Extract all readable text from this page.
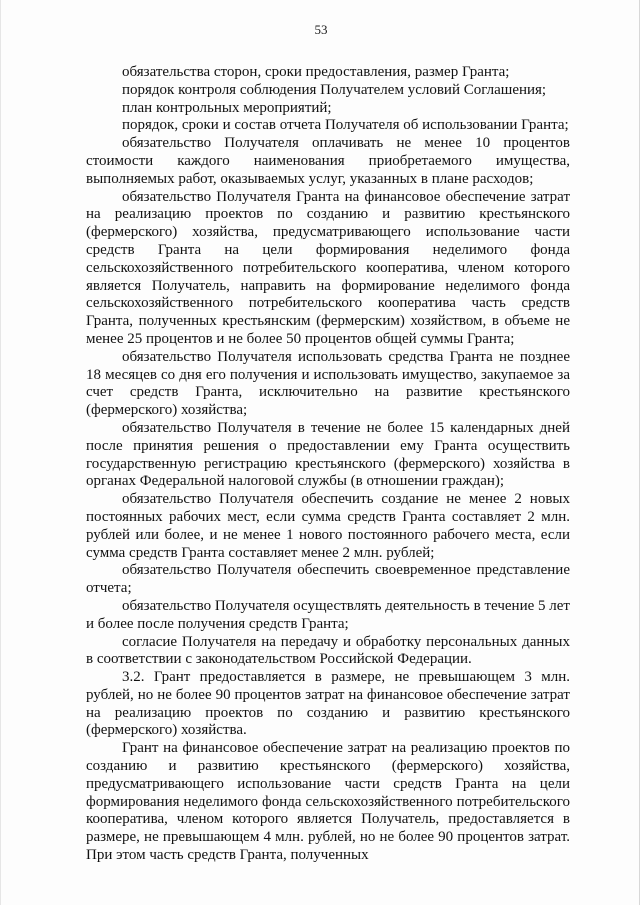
53

обязательства сторон, сроки предоставления, размер Гранта;

порядок контроля соблюдения Получателем условий Соглашения;

план контрольных мероприятий;

порядок, сроки и состав отчета Получателя об использовании Гранта;

обязательство Получателя оплачивать не менее 10 процентов стоимости каждого наименования приобретаемого имущества, выполняемых работ, оказываемых услуг, указанных в плане расходов;

обязательство Получателя Гранта на финансовое обеспечение затрат на реализацию проектов по созданию и развитию крестьянского (фермерского) хозяйства, предусматривающего использование части средств Гранта на цели формирования неделимого фонда сельскохозяйственного потребительского кооператива, членом которого является Получатель, направить на формирование неделимого фонда сельскохозяйственного потребительского кооператива часть средств Гранта, полученных крестьянским (фермерским) хозяйством, в объеме не менее 25 процентов и не более 50 процентов общей суммы Гранта;

обязательство Получателя использовать средства Гранта не позднее 18 месяцев со дня его получения и использовать имущество, закупаемое за счет средств Гранта, исключительно на развитие крестьянского (фермерского) хозяйства;

обязательство Получателя в течение не более 15 календарных дней после принятия решения о предоставлении ему Гранта осуществить государственную регистрацию крестьянского (фермерского) хозяйства в органах Федеральной налоговой службы (в отношении граждан);

обязательство Получателя обеспечить создание не менее 2 новых постоянных рабочих мест, если сумма средств Гранта составляет 2 млн. рублей или более, и не менее 1 нового постоянного рабочего места, если сумма средств Гранта составляет менее 2 млн. рублей;

обязательство Получателя обеспечить своевременное представление отчета;

обязательство Получателя осуществлять деятельность в течение 5 лет и более после получения средств Гранта;

согласие Получателя на передачу и обработку персональных данных в соответствии с законодательством Российской Федерации.

3.2. Грант предоставляется в размере, не превышающем 3 млн. рублей, но не более 90 процентов затрат на финансовое обеспечение затрат на реализацию проектов по созданию и развитию крестьянского (фермерского) хозяйства.

Грант на финансовое обеспечение затрат на реализацию проектов по созданию и развитию крестьянского (фермерского) хозяйства, предусматривающего использование части средств Гранта на цели формирования неделимого фонда сельскохозяйственного потребительского кооператива, членом которого является Получатель, предоставляется в размере, не превышающем 4 млн. рублей, но не более 90 процентов затрат. При этом часть средств Гранта, полученных
